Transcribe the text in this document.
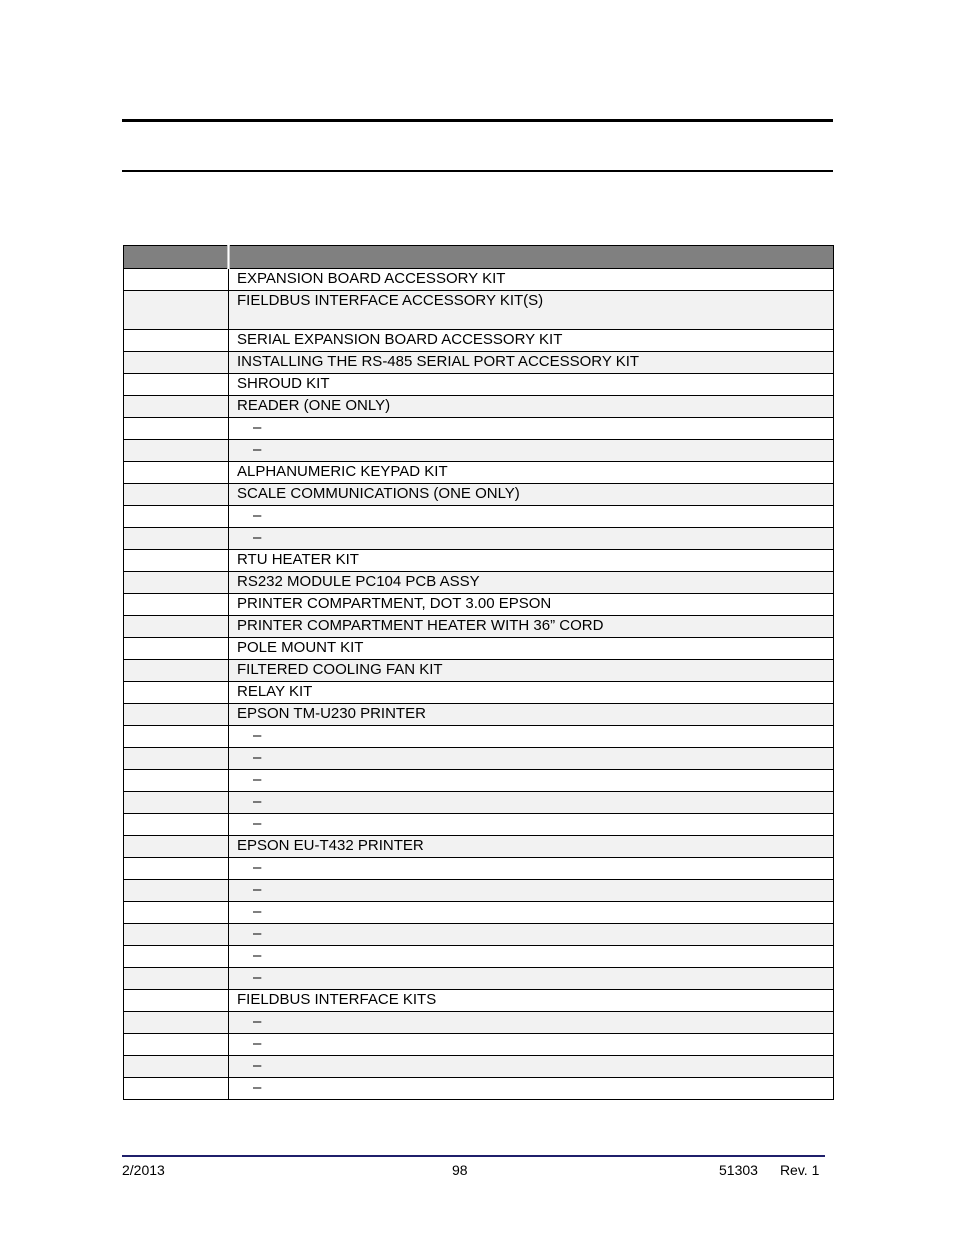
	EXPANSION BOARD ACCESSORY KIT
	FIELDBUS INTERFACE ACCESSORY KIT(S)
	SERIAL EXPANSION BOARD ACCESSORY KIT
	INSTALLING THE RS-485 SERIAL PORT ACCESSORY KIT
	SHROUD KIT
	READER (ONE ONLY)
	–
	–
	ALPHANUMERIC KEYPAD KIT
	SCALE COMMUNICATIONS (ONE ONLY)
	–
	–
	RTU HEATER KIT
	RS232 MODULE PC104 PCB ASSY
	PRINTER COMPARTMENT, DOT 3.00 EPSON
	PRINTER COMPARTMENT HEATER WITH 36” CORD
	POLE MOUNT KIT
	FILTERED COOLING FAN KIT
	RELAY KIT
	EPSON TM-U230 PRINTER
	–
	–
	–
	–
	–
	EPSON EU-T432 PRINTER
	–
	–
	–
	–
	–
	–
	FIELDBUS INTERFACE KITS
	–
	–
	–
	–
2/2013	98	51303 Rev. 1
